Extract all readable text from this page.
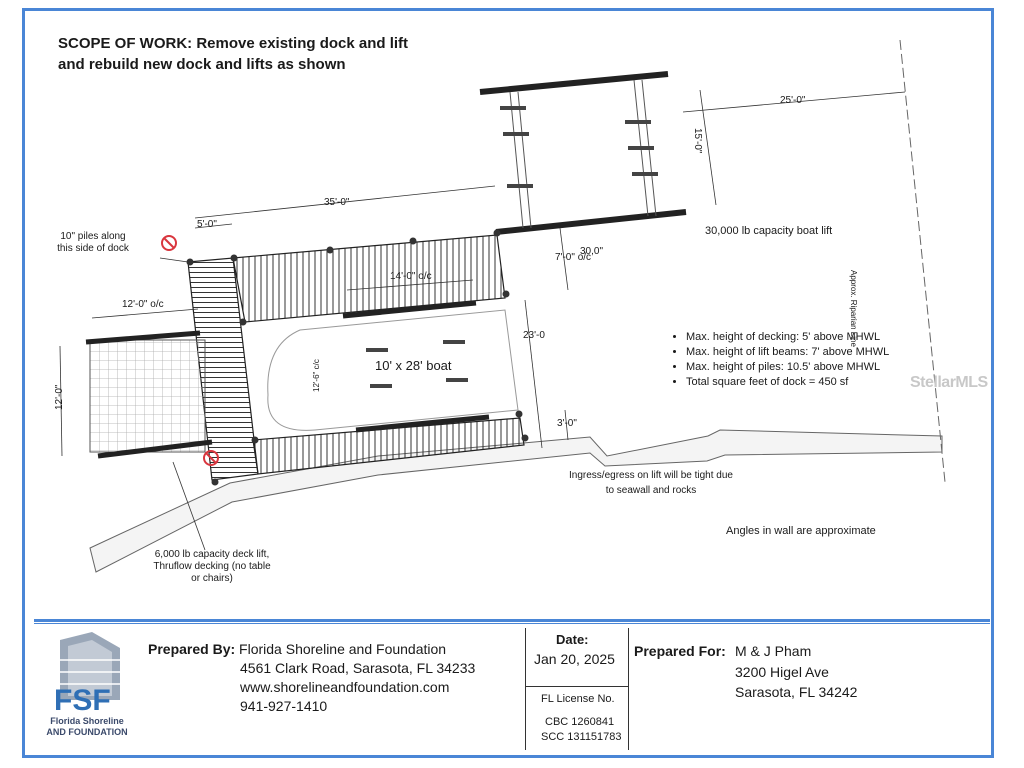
SCOPE OF WORK: Remove existing dock and lift and rebuild new dock and lifts as shown
35'-0"
5'-0"
25'-0"
15'-0"
12'-0" o/c
12'-0"
14'-0" o/c
7'-0" o/c
30,0"
23'-0
3'-0"
12'-6" c/c
10" piles along this side of dock
30,000 lb capacity boat lift
6,000 lb capacity deck lift, Thruflow decking (no table or chairs)
Ingress/egress on lift will be tight due to seawall and rocks
Angles in wall are approximate
Approx. Riparian Line
10' x 28' boat
• Max. height of decking: 5' above MHWL
• Max. height of lift beams: 7' above MHWL
• Max. height of piles: 10.5' above MHWL
• Total square feet of dock = 450 sf	StellarMLS
FSF
Florida Shoreline
AND FOUNDATION
Prepared By: Florida Shoreline and Foundation
4561 Clark Road, Sarasota, FL 34233
www.shorelineandfoundation.com
941-927-1410
Date:
Jan 20, 2025
FL License No.
CBC 1260841
SCC 131151783
Prepared For: M & J Pham
3200 Higel Ave
Sarasota, FL 34242
